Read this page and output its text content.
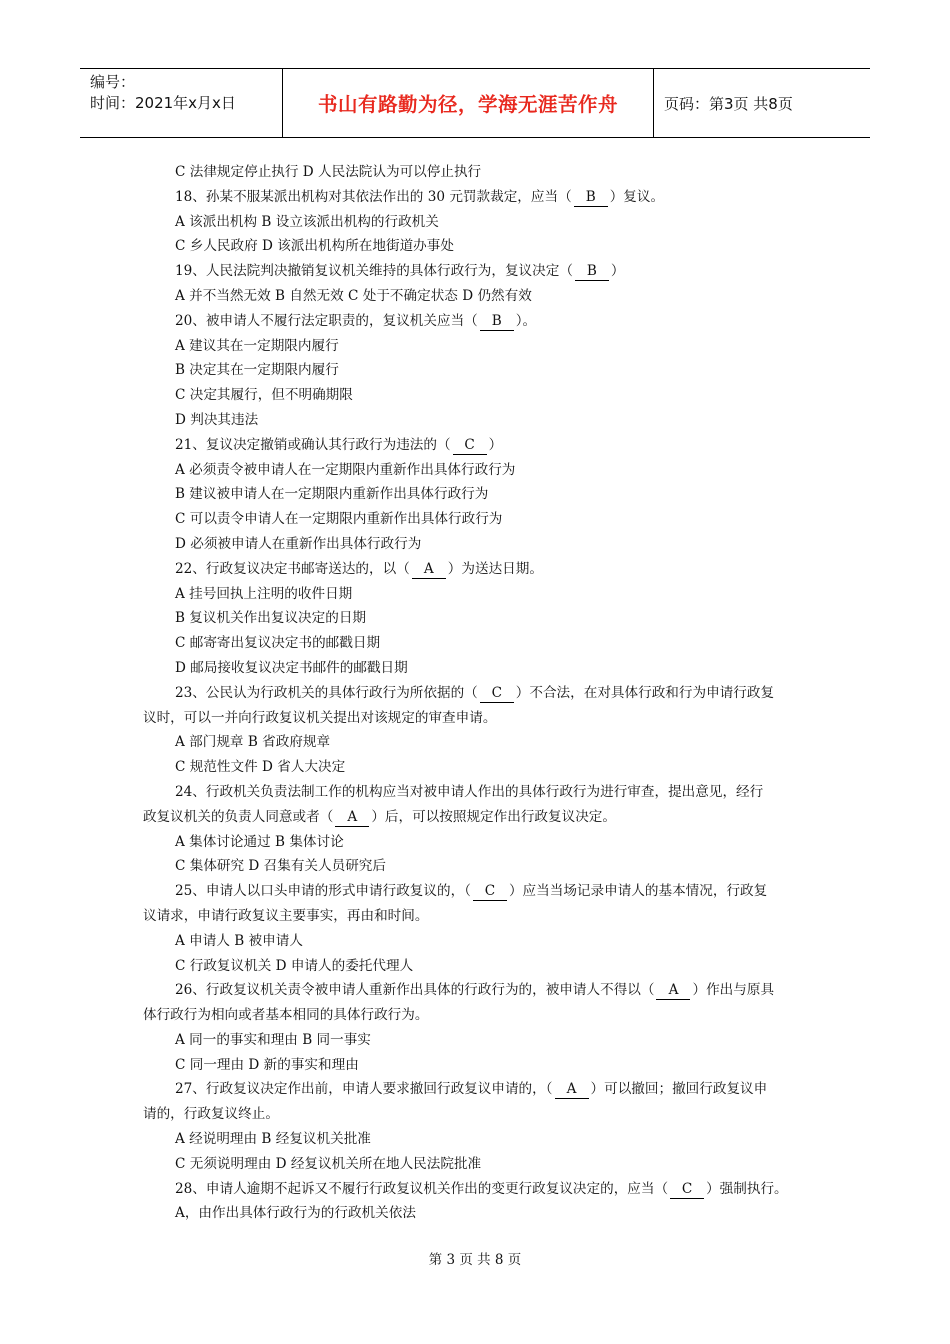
编号：
时间：2021年x月x日	书山有路勤为径，学海无涯苦作舟	页码：第3页 共8页
C 法律规定停止执行 D 人民法院认为可以停止执行
18、孙某不服某派出机构对其依法作出的 30 元罚款裁定，应当（ B ）复议。
A 该派出机构 B 设立该派出机构的行政机关
C 乡人民政府 D 该派出机构所在地街道办事处
19、人民法院判决撤销复议机关维持的具体行政行为，复议决定（ B ）
A 并不当然无效 B 自然无效 C 处于不确定状态 D 仍然有效
20、被申请人不履行法定职责的，复议机关应当（ B ）。
A 建议其在一定期限内履行
B 决定其在一定期限内履行
C 决定其履行，但不明确期限
D 判决其违法
21、复议决定撤销或确认其行政行为违法的（ C ）
A 必须责令被申请人在一定期限内重新作出具体行政行为
B 建议被申请人在一定期限内重新作出具体行政行为
C 可以责令申请人在一定期限内重新作出具体行政行为
D 必须被申请人在重新作出具体行政行为
22、行政复议决定书邮寄送达的，以（ A ）为送达日期。
A 挂号回执上注明的收件日期
B 复议机关作出复议决定的日期
C 邮寄寄出复议决定书的邮戳日期
D 邮局接收复议决定书邮件的邮戳日期
23、公民认为行政机关的具体行政行为所依据的（ C ）不合法，在对具体行政和行为申请行政复
议时，可以一并向行政复议机关提出对该规定的审查申请。
A 部门规章 B 省政府规章
C 规范性文件 D 省人大决定
24、行政机关负责法制工作的机构应当对被申请人作出的具体行政行为进行审查，提出意见，经行
政复议机关的负责人同意或者（ A ）后，可以按照规定作出行政复议决定。
A 集体讨论通过 B 集体讨论
C 集体研究 D 召集有关人员研究后
25、申请人以口头申请的形式申请行政复议的，（ C ）应当当场记录申请人的基本情况，行政复
议请求，申请行政复议主要事实，再由和时间。
A 申请人 B 被申请人
C 行政复议机关 D 申请人的委托代理人
26、行政复议机关责令被申请人重新作出具体的行政行为的，被申请人不得以（ A ）作出与原具
体行政行为相向或者基本相同的具体行政行为。
A 同一的事实和理由 B 同一事实
C 同一理由 D 新的事实和理由
27、行政复议决定作出前，申请人要求撤回行政复议申请的，（ A ）可以撤回；撤回行政复议申
请的，行政复议终止。
A 经说明理由 B 经复议机关批准
C 无须说明理由 D 经复议机关所在地人民法院批准
28、申请人逾期不起诉又不履行行政复议机关作出的变更行政复议决定的，应当（ C ）强制执行。
A，由作出具体行政行为的行政机关依法
第 3 页 共 8 页
